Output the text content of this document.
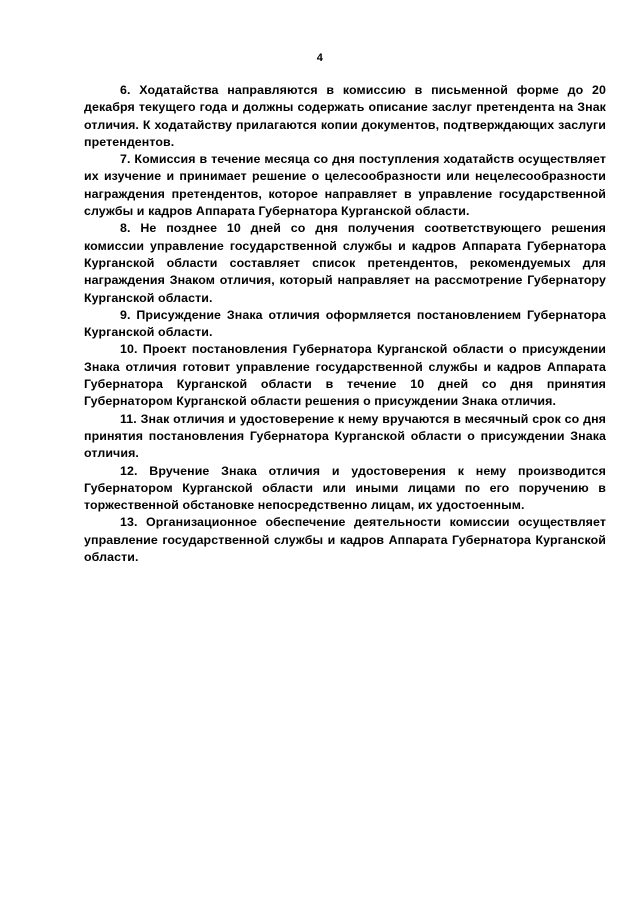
4

6. Ходатайства направляются в комиссию в письменной форме до 20 декабря текущего года и должны содержать описание заслуг претендента на Знак отличия. К ходатайству прилагаются копии документов, подтверждающих заслуги претендентов.

7. Комиссия в течение месяца со дня поступления ходатайств осуществляет их изучение и принимает решение о целесообразности или нецелесообразности награждения претендентов, которое направляет в управление государственной службы и кадров Аппарата Губернатора Курганской области.

8. Не позднее 10 дней со дня получения соответствующего решения комиссии управление государственной службы и кадров Аппарата Губернатора Курганской области составляет список претендентов, рекомендуемых для награждения Знаком отличия, который направляет на рассмотрение Губернатору Курганской области.

9. Присуждение Знака отличия оформляется постановлением Губернатора Курганской области.

10. Проект постановления Губернатора Курганской области о присуждении Знака отличия готовит управление государственной службы и кадров Аппарата Губернатора Курганской области в течение 10 дней со дня принятия Губернатором Курганской области решения о присуждении Знака отличия.

11. Знак отличия и удостоверение к нему вручаются в месячный срок со дня принятия постановления Губернатора Курганской области о присуждении Знака отличия.

12. Вручение Знака отличия и удостоверения к нему производится Губернатором Курганской области или иными лицами по его поручению в торжественной обстановке непосредственно лицам, их удостоенным.

13. Организационное обеспечение деятельности комиссии осуществляет управление государственной службы и кадров Аппарата Губернатора Курганской области.
